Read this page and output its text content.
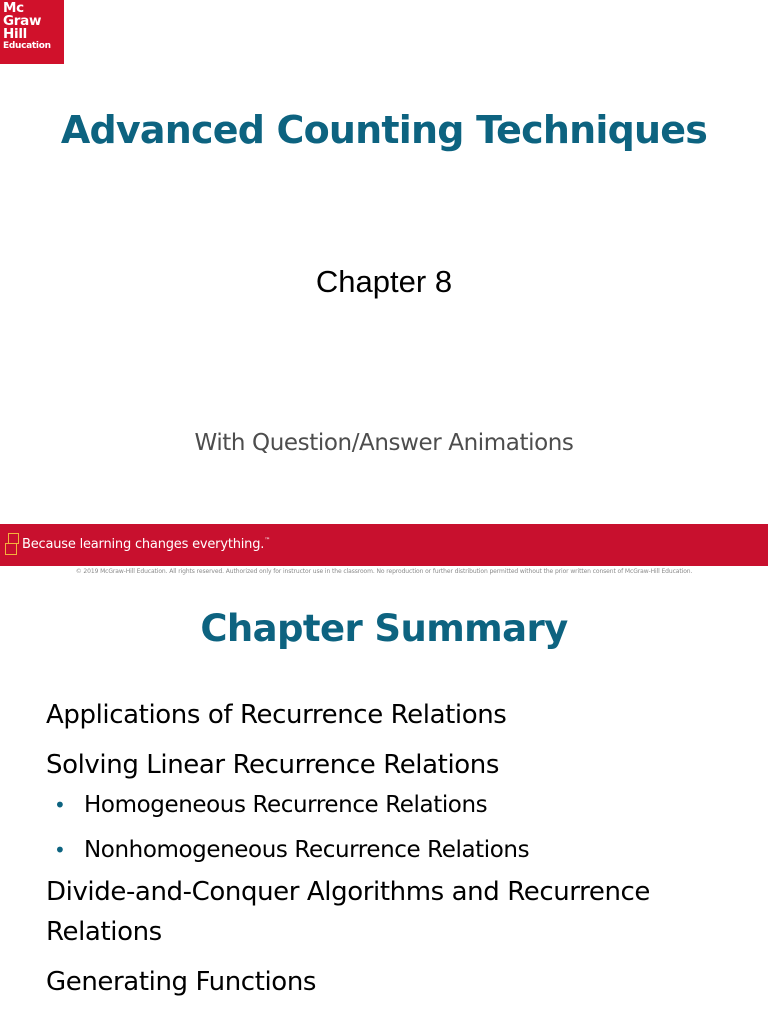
Mc
Graw
Hill
Education
Advanced Counting Techniques

Chapter 8

With Question/Answer Animations

Because learning changes everything.™
© 2019 McGraw-Hill Education. All rights reserved. Authorized only for instructor use in the classroom. No reproduction or further distribution permitted without the prior written consent of McGraw-Hill Education.
Chapter Summary
Applications of Recurrence Relations
Solving Linear Recurrence Relations
• Homogeneous Recurrence Relations
• Nonhomogeneous Recurrence Relations
Divide-and-Conquer Algorithms and Recurrence Relations
Generating Functions
